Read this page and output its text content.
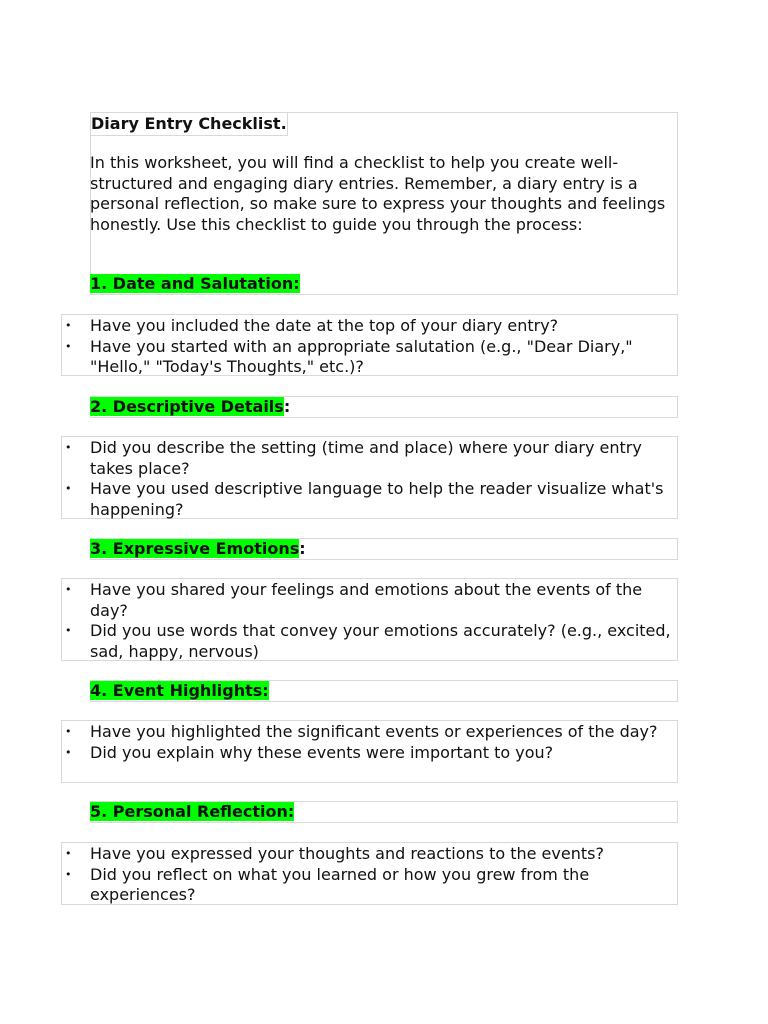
Diary Entry Checklist.

In this worksheet, you will find a checklist to help you create well-structured and engaging diary entries. Remember, a diary entry is a personal reflection, so make sure to express your thoughts and feelings honestly. Use this checklist to guide you through the process:

1. Date and Salutation:
• Have you included the date at the top of your diary entry?
• Have you started with an appropriate salutation (e.g., "Dear Diary," "Hello," "Today's Thoughts," etc.)?
2. Descriptive Details:
• Did you describe the setting (time and place) where your diary entry takes place?
• Have you used descriptive language to help the reader visualize what's happening?
3. Expressive Emotions:
• Have you shared your feelings and emotions about the events of the day?
• Did you use words that convey your emotions accurately? (e.g., excited, sad, happy, nervous)
4. Event Highlights:
• Have you highlighted the significant events or experiences of the day?
• Did you explain why these events were important to you?
5. Personal Reflection:
• Have you expressed your thoughts and reactions to the events?
• Did you reflect on what you learned or how you grew from the experiences?
